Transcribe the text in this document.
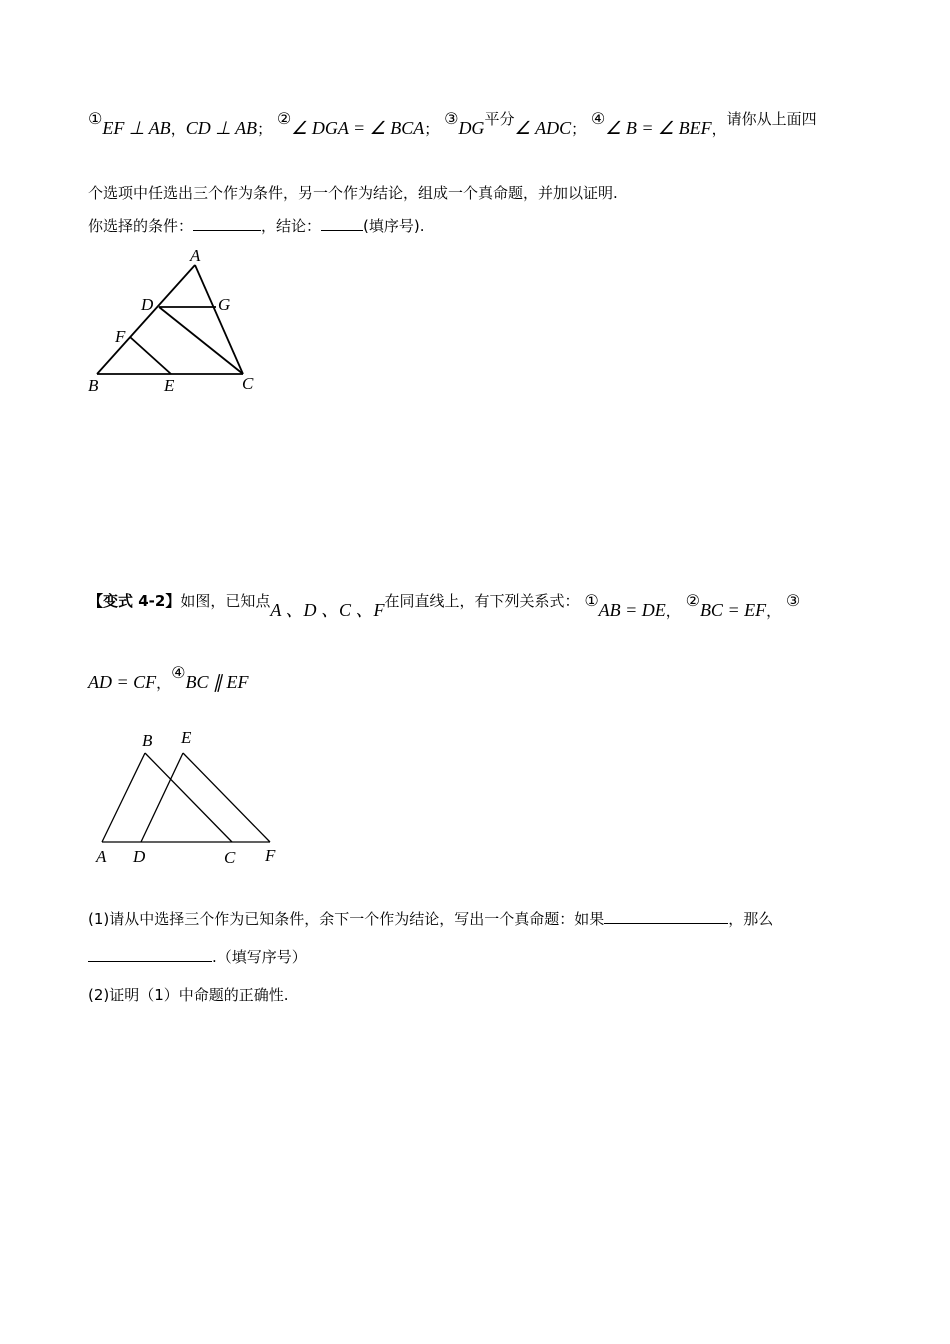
①EF ⊥ AB，CD ⊥ AB； ②∠ DGA = ∠ BCA； ③DG平分∠ ADC； ④∠ B = ∠ BEF，请你从上面四
个选项中任选出三个作为条件，另一个作为结论，组成一个真命题，并加以证明.
你选择的条件：	，结论：	(填序号).
A
D	G
F
B	E	C
【变式 4-2】如图，已知点A 、D 、C 、F在同直线上，有下列关系式： ①AB = DE， ②BC = EF， ③
AD = CF，④BC ∥ EF
B E
A D	C F
(1)请从中选择三个作为已知条件，余下一个作为结论，写出一个真命题：如果	，那么
.（填写序号）
(2)证明（1）中命题的正确性.
